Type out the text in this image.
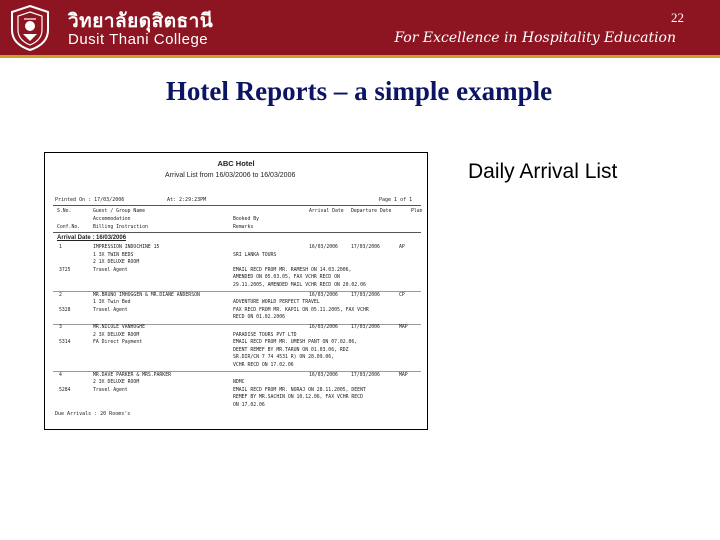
วิทยาลัยดุสิตธานี
Dusit Thani College
22
For Excellence in Hospitality Education
Hotel Reports – a simple example
Daily Arrival List
ABC Hotel
Arrival List from 16/03/2006 to 16/03/2006
Printed On : 17/03/2006	At: 2:29:23PM	Page 1 of 1
S.No.	Guest / Group Name	Arrival Date Departure Date	Plan
Accommodation	Booked By
Conf.No.	Billing Instruction	Remarks
Arrival Date : 16/03/2006
1	IMPRESSION INDOCHINE 15	16/03/2006	17/03/2006	AP
1 3X TWIN BEDS	SRI LANKA TOURS
2 1X DELUXE ROOM
3725	Travel Agent	EMAIL RECD FROM MR. RAMESH ON 14.03.2006,
AMENDED ON 05.03.05, FAX VCHR RECD ON
29.11.2005, AMENDED MAIL VCHR RECD ON 20.02.06
2	MR.BRUNO IMHOGGEN & MR.DIANE ANDERSON	16/03/2006	17/03/2006	CP
1 3X Twin Bed	ADVENTURE WORLD PERFECT TRAVEL
5328	Travel Agent	FAX RECD FROM MR. KAPIL ON 05.11.2005, FAX VCHR
RECD ON 01.02.2006
3	MR.NICOLE VANHOGHE	16/03/2006	17/03/2006	MAP
2 3X DELUXE ROOM	PARADISE TOURS PVT LTD
5314	FA Direct Payment	EMAIL RECD FROM MR. UMESH PANT ON 07.02.06,
DEENT REMEF BY MR.TARUN ON 01.03.06, RDZ
SR.DIR/CN 7 74 4531 R) ON 28.09.06,
VCHR RECD ON 17.02.06
4	MR.DAVE PARKER & MRS.PARKER	16/03/2006	17/03/2006	MAP
2 3X DELUXE ROOM	NDMC
5284	Travel Agent	EMAIL RECD FROM MR. NORAJ ON 28.11.2005, DEENT
REMEF BY MR.SACHIN ON 10.12.06, FAX VCHR RECD
ON 17.02.06
Due Arrivals : 20 Rooms's
